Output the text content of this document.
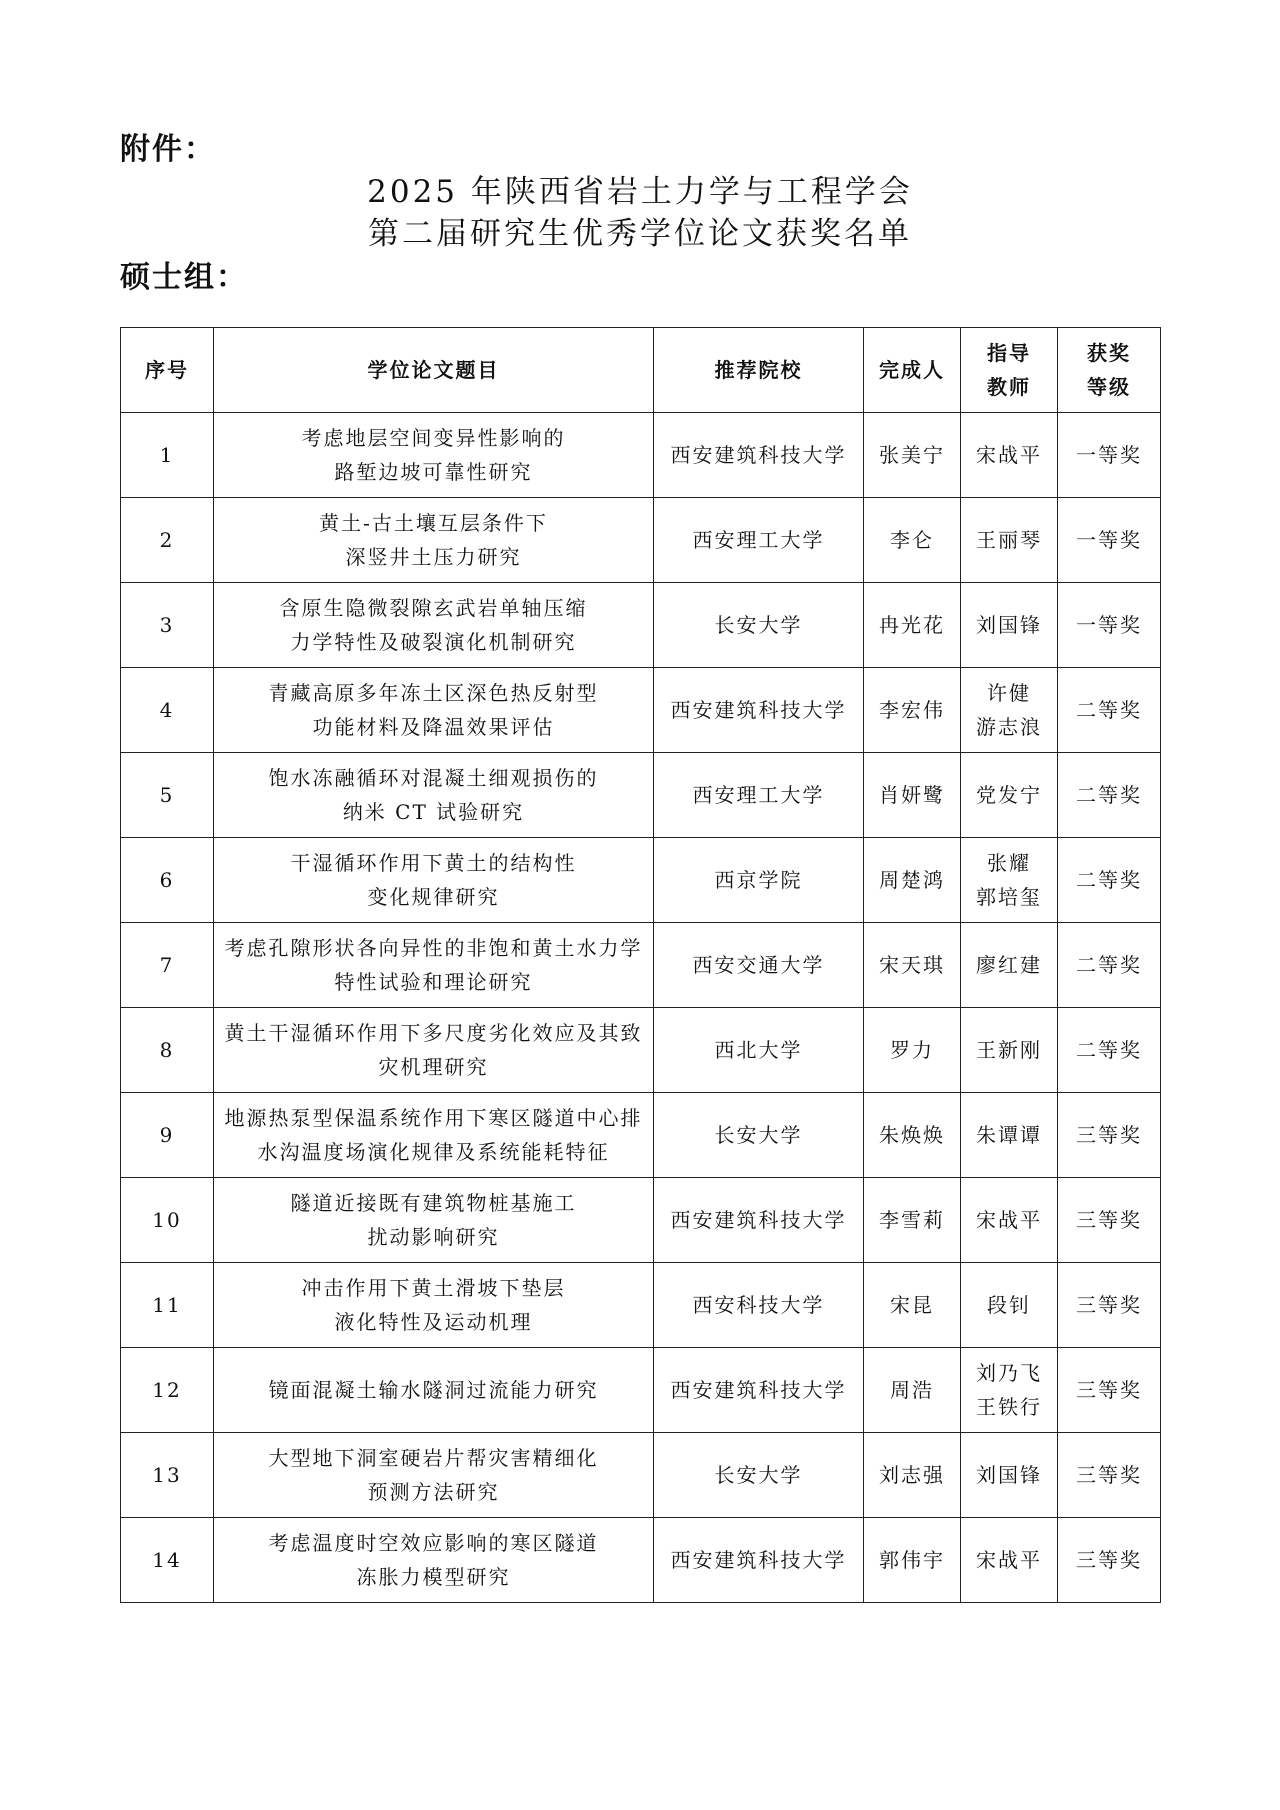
附件：
2025 年陕西省岩土力学与工程学会
第二届研究生优秀学位论文获奖名单
硕士组：
序号	学位论文题目	推荐院校	完成人	指导
教师	获奖
等级
1	考虑地层空间变异性影响的
路堑边坡可靠性研究	西安建筑科技大学	张美宁	宋战平	一等奖
2	黄土-古土壤互层条件下
深竖井土压力研究	西安理工大学	李仑	王丽琴	一等奖
3	含原生隐微裂隙玄武岩单轴压缩
力学特性及破裂演化机制研究	长安大学	冉光花	刘国锋	一等奖
4	青藏高原多年冻土区深色热反射型
功能材料及降温效果评估	西安建筑科技大学	李宏伟	许健
游志浪	二等奖
5	饱水冻融循环对混凝土细观损伤的
纳米 CT 试验研究	西安理工大学	肖妍鹭	党发宁	二等奖
6	干湿循环作用下黄土的结构性
变化规律研究	西京学院	周楚鸿	张耀
郭培玺	二等奖
7	考虑孔隙形状各向异性的非饱和黄土水力学
特性试验和理论研究	西安交通大学	宋天琪	廖红建	二等奖
8	黄土干湿循环作用下多尺度劣化效应及其致
灾机理研究	西北大学	罗力	王新刚	二等奖
9	地源热泵型保温系统作用下寒区隧道中心排
水沟温度场演化规律及系统能耗特征	长安大学	朱焕焕	朱谭谭	三等奖
10	隧道近接既有建筑物桩基施工
扰动影响研究	西安建筑科技大学	李雪莉	宋战平	三等奖
11	冲击作用下黄土滑坡下垫层
液化特性及运动机理	西安科技大学	宋昆	段钊	三等奖
12	镜面混凝土输水隧洞过流能力研究	西安建筑科技大学	周浩	刘乃飞
王铁行	三等奖
13	大型地下洞室硬岩片帮灾害精细化
预测方法研究	长安大学	刘志强	刘国锋	三等奖
14	考虑温度时空效应影响的寒区隧道
冻胀力模型研究	西安建筑科技大学	郭伟宇	宋战平	三等奖
